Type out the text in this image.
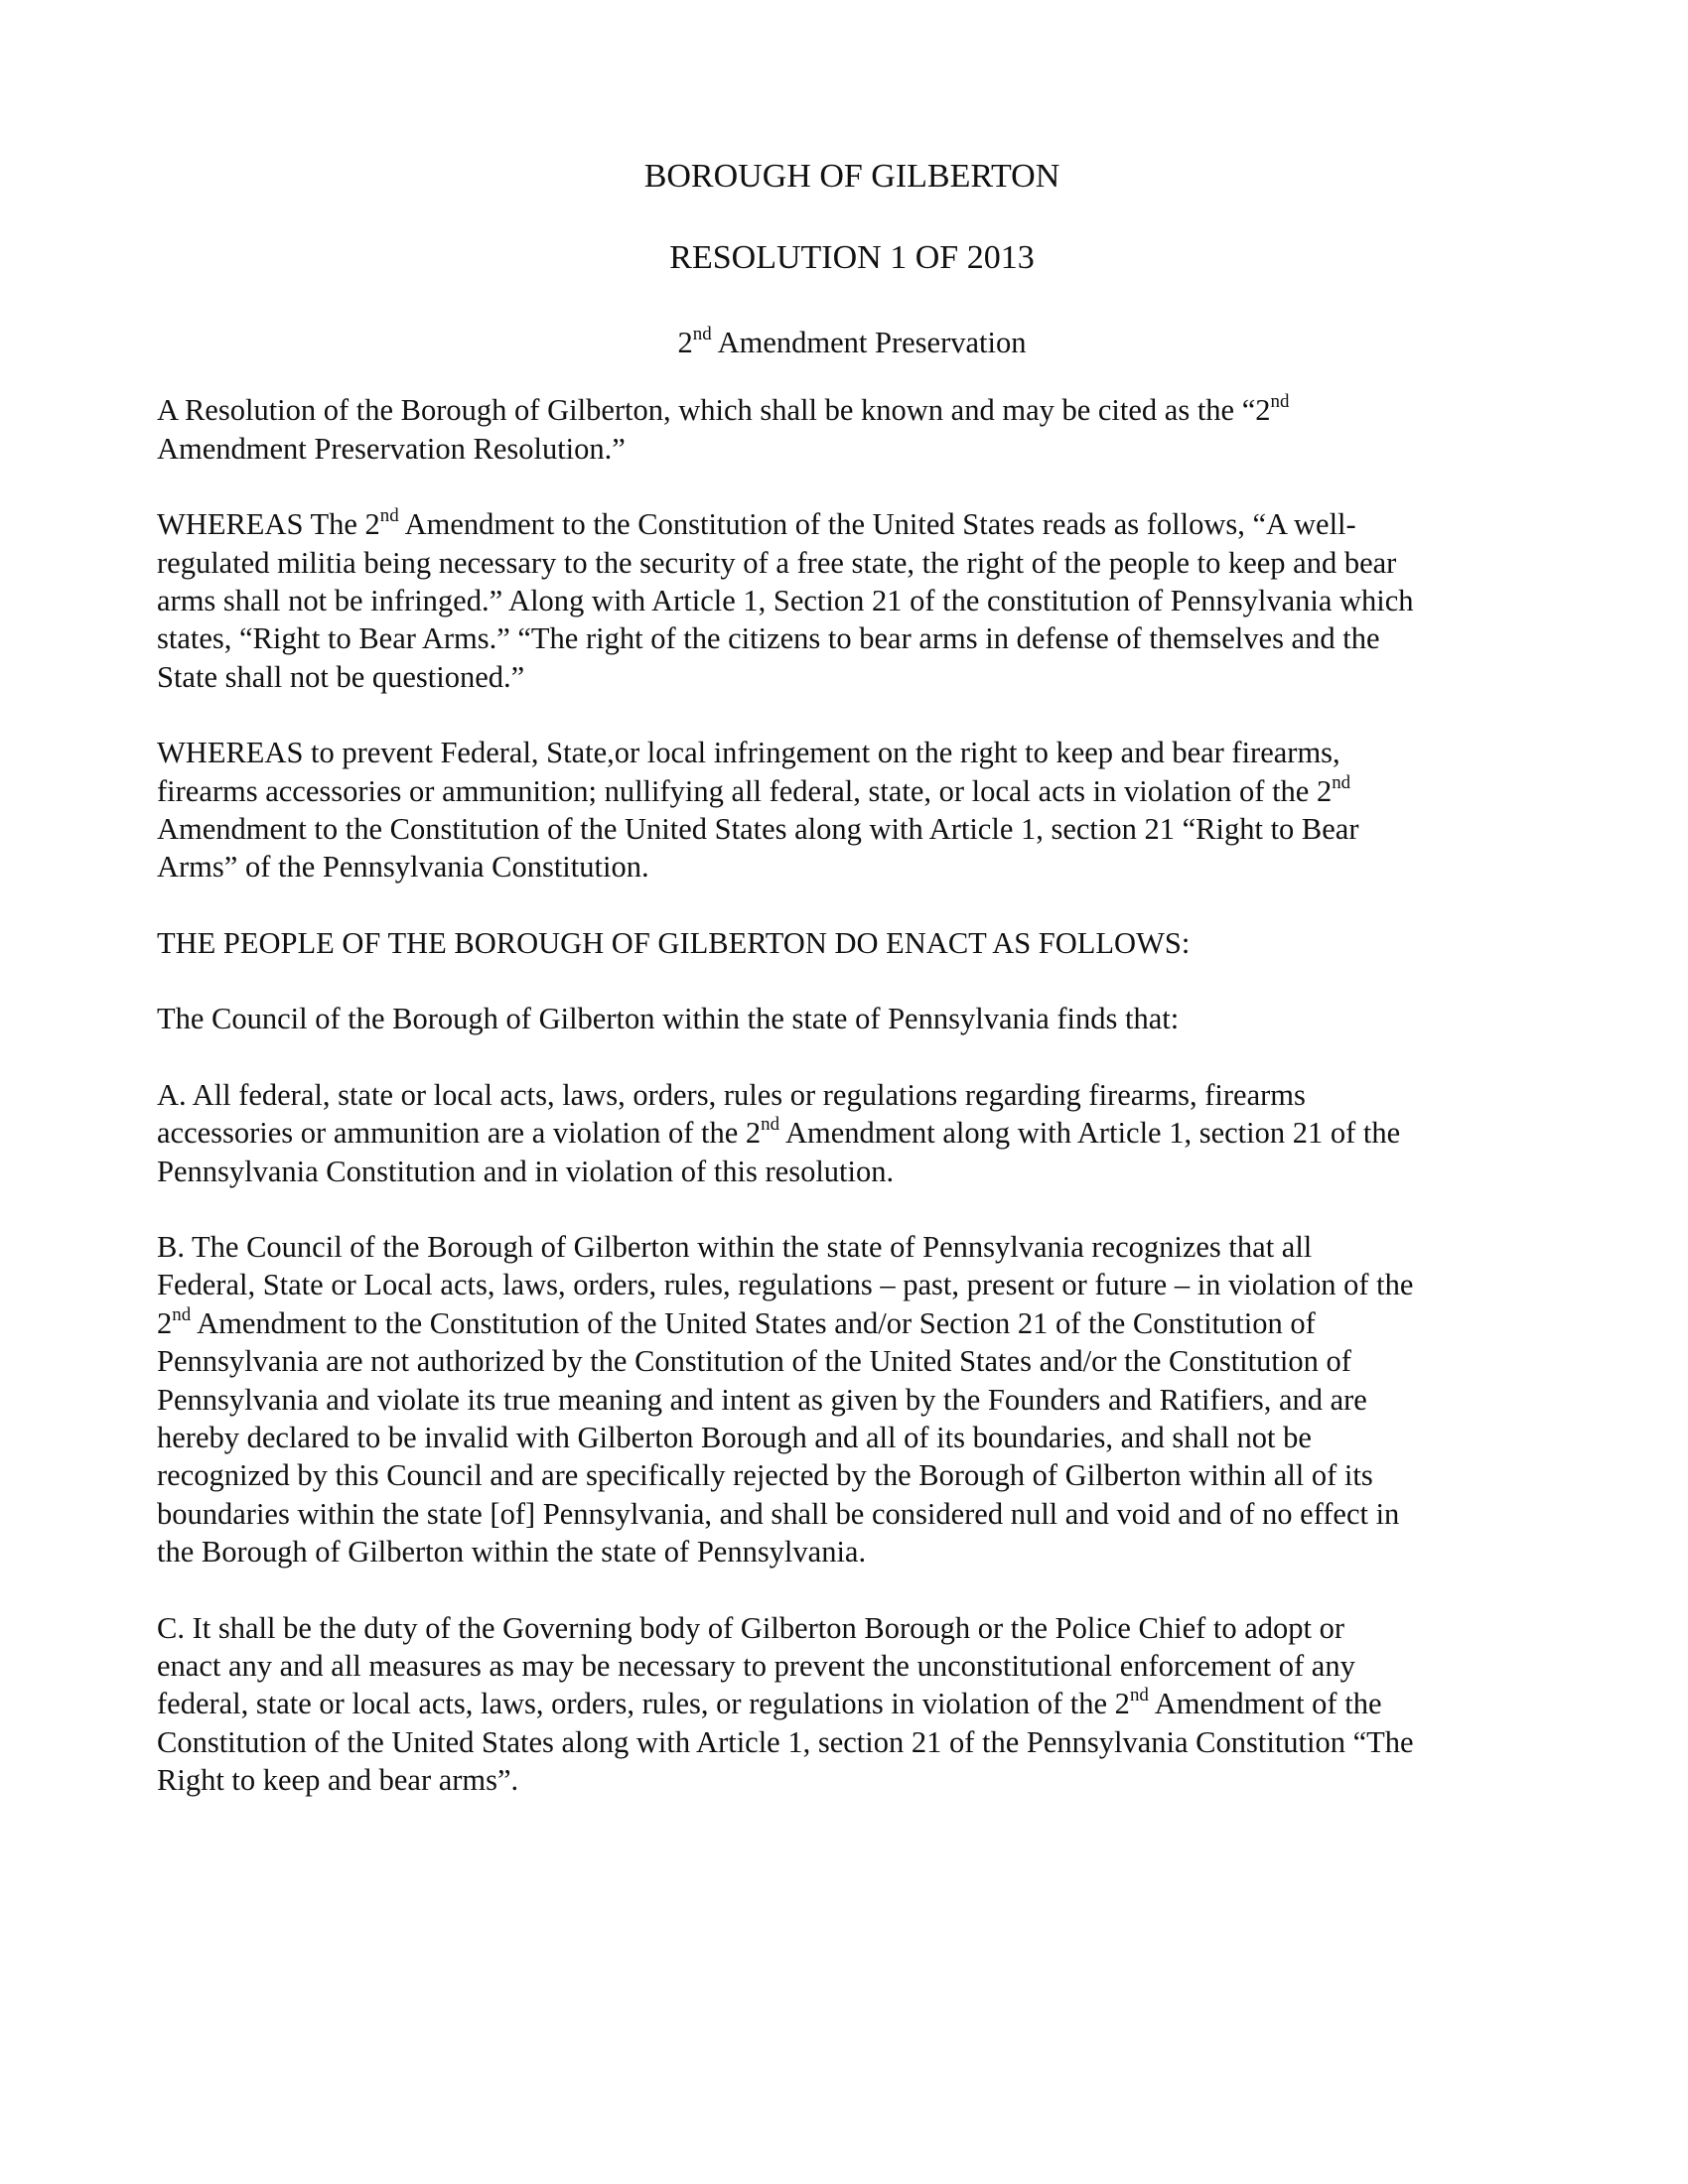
BOROUGH OF GILBERTON
RESOLUTION 1 OF 2013
2nd Amendment Preservation

A Resolution of the Borough of Gilberton, which shall be known and may be cited as the “2nd
Amendment Preservation Resolution.”

WHEREAS The 2nd Amendment to the Constitution of the United States reads as follows, “A well-
regulated militia being necessary to the security of a free state, the right of the people to keep and bear
arms shall not be infringed.” Along with Article 1, Section 21 of the constitution of Pennsylvania which
states, “Right to Bear Arms.” “The right of the citizens to bear arms in defense of themselves and the
State shall not be questioned.”

WHEREAS to prevent Federal, State,or local infringement on the right to keep and bear firearms,
firearms accessories or ammunition; nullifying all federal, state, or local acts in violation of the 2nd
Amendment to the Constitution of the United States along with Article 1, section 21 “Right to Bear
Arms” of the Pennsylvania Constitution.

THE PEOPLE OF THE BOROUGH OF GILBERTON DO ENACT AS FOLLOWS:

The Council of the Borough of Gilberton within the state of Pennsylvania finds that:

A. All federal, state or local acts, laws, orders, rules or regulations regarding firearms, firearms
accessories or ammunition are a violation of the 2nd Amendment along with Article 1, section 21 of the
Pennsylvania Constitution and in violation of this resolution.

B. The Council of the Borough of Gilberton within the state of Pennsylvania recognizes that all
Federal, State or Local acts, laws, orders, rules, regulations – past, present or future – in violation of the
2nd Amendment to the Constitution of the United States and/or Section 21 of the Constitution of
Pennsylvania are not authorized by the Constitution of the United States and/or the Constitution of
Pennsylvania and violate its true meaning and intent as given by the Founders and Ratifiers, and are
hereby declared to be invalid with Gilberton Borough and all of its boundaries, and shall not be
recognized by this Council and are specifically rejected by the Borough of Gilberton within all of its
boundaries within the state [of] Pennsylvania, and shall be considered null and void and of no effect in
the Borough of Gilberton within the state of Pennsylvania.

C. It shall be the duty of the Governing body of Gilberton Borough or the Police Chief to adopt or
enact any and all measures as may be necessary to prevent the unconstitutional enforcement of any
federal, state or local acts, laws, orders, rules, or regulations in violation of the 2nd Amendment of the
Constitution of the United States along with Article 1, section 21 of the Pennsylvania Constitution “The
Right to keep and bear arms”.
